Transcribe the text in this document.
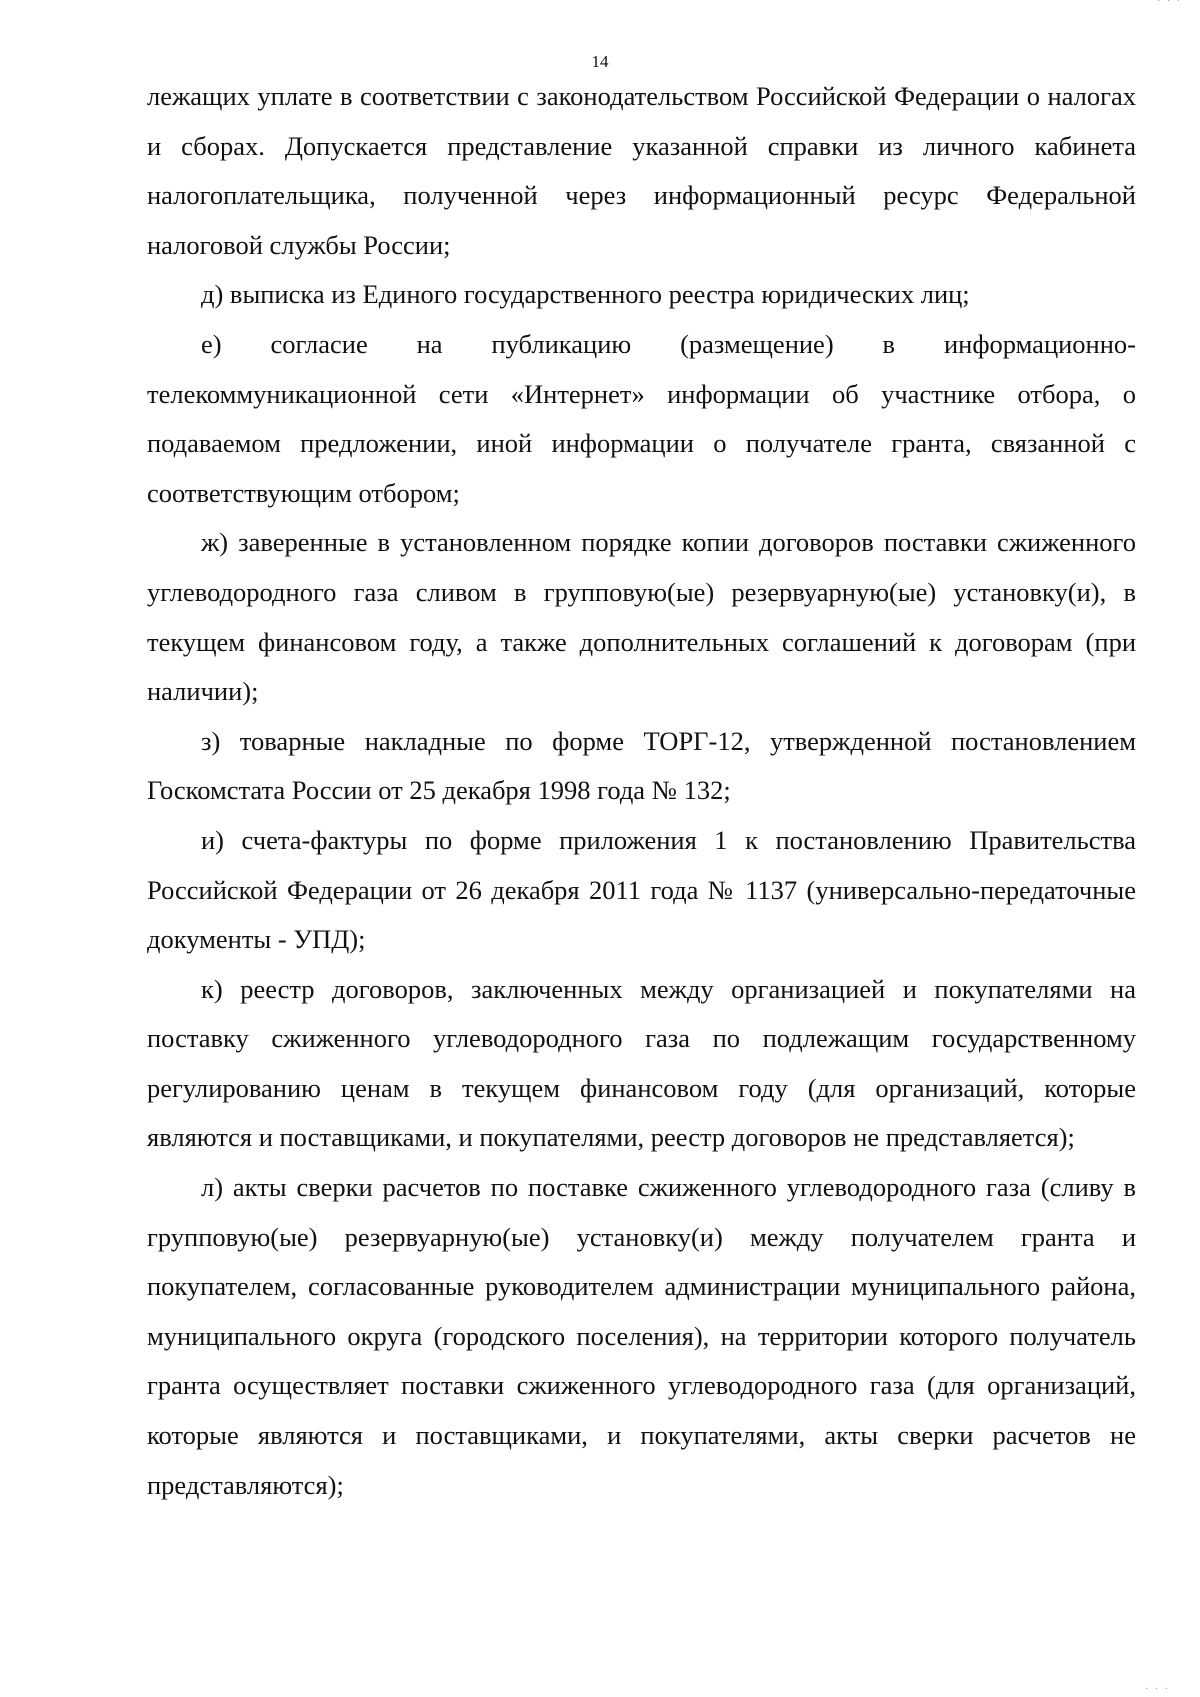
· · ·
14

лежащих уплате в соответствии с законодательством Российской Федерации о налогах и сборах. Допускается представление указанной справки из личного кабинета налогоплательщика, полученной через информационный ресурс Федеральной налоговой службы России;

д) выписка из Единого государственного реестра юридических лиц;

е) согласие на публикацию (размещение) в информационно-телекоммуникационной сети «Интернет» информации об участнике отбора, о подаваемом предложении, иной информации о получателе гранта, связанной с соответствующим отбором;

ж) заверенные в установленном порядке копии договоров поставки сжиженного углеводородного газа сливом в групповую(ые) резервуарную(ые) установку(и), в текущем финансовом году, а также дополнительных соглашений к договорам (при наличии);

з) товарные накладные по форме ТОРГ-12, утвержденной постановлением Госкомстата России от 25 декабря 1998 года № 132;

и) счета-фактуры по форме приложения 1 к постановлению Правительства Российской Федерации от 26 декабря 2011 года № 1137 (универсально-передаточные документы - УПД);

к) реестр договоров, заключенных между организацией и покупателями на поставку сжиженного углеводородного газа по подлежащим государственному регулированию ценам в текущем финансовом году (для организаций, которые являются и поставщиками, и покупателями, реестр договоров не представляется);

л) акты сверки расчетов по поставке сжиженного углеводородного газа (сливу в групповую(ые) резервуарную(ые) установку(и) между получателем гранта и покупателем, согласованные руководителем администрации муниципального района, муниципального округа (городского поселения), на территории которого получатель гранта осуществляет поставки сжиженного углеводородного газа (для организаций, которые являются и поставщиками, и покупателями, акты сверки расчетов не представляются);

· · ·
